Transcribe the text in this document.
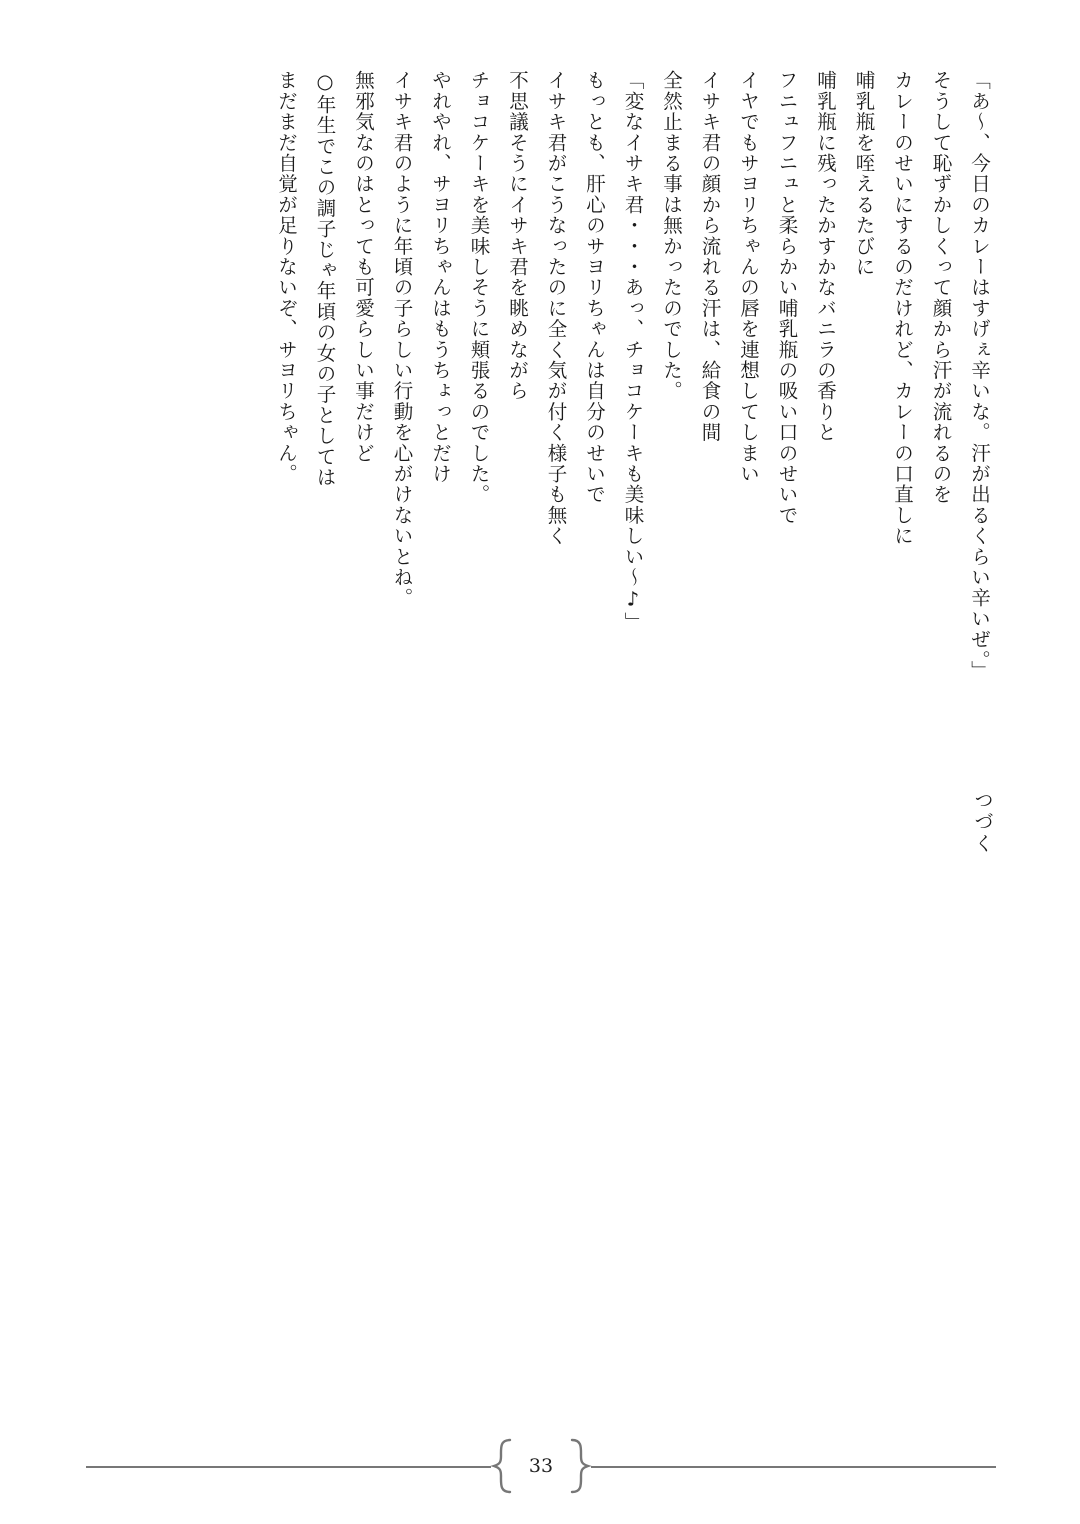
「あ～、今日のカレーはすげぇ辛いな。汗が出るくらい辛いぜ。」
そうして恥ずかしくって顔から汗が流れるのを
カレーのせいにするのだけれど、カレーの口直しに
哺乳瓶を咥えるたびに
哺乳瓶に残ったかすかなバニラの香りと
フニュフニュと柔らかい哺乳瓶の吸い口のせいで
イヤでもサヨリちゃんの唇を連想してしまい
イサキ君の顔から流れる汗は、給食の間
全然止まる事は無かったのでした。
「変なイサキ君・・・あっ、チョコケーキも美味しい～♪」
もっとも、肝心のサヨリちゃんは自分のせいで
イサキ君がこうなったのに全く気が付く様子も無く
不思議そうにイサキ君を眺めながら
チョコケーキを美味しそうに頬張るのでした。
やれやれ、サヨリちゃんはもうちょっとだけ
イサキ君のように年頃の子らしい行動を心がけないとね。
無邪気なのはとっても可愛らしい事だけど
○年生でこの調子じゃ年頃の女の子としては
まだまだ自覚が足りないぞ、サヨリちゃん。
つづく
33
